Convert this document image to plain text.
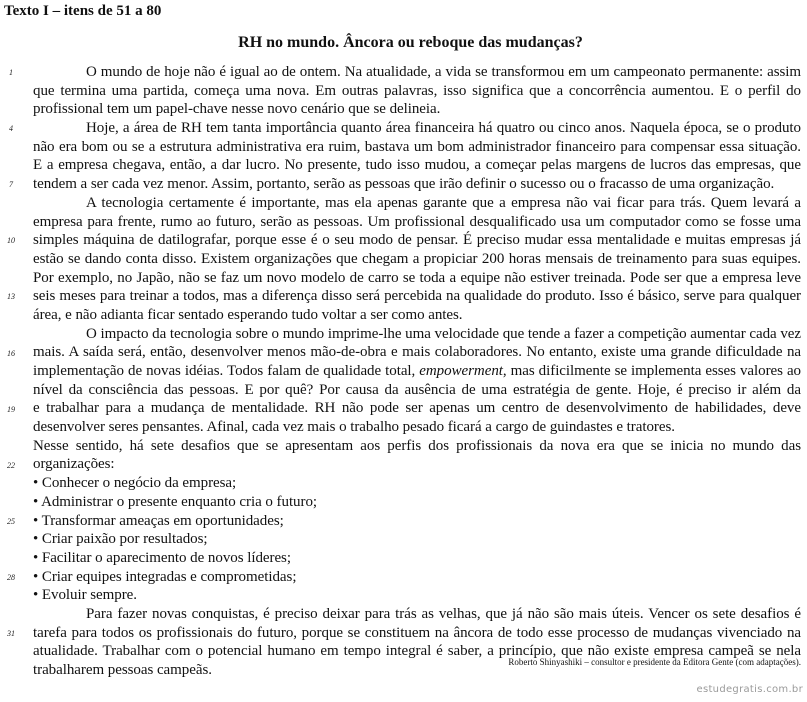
Texto I – itens de 51 a 80
RH no mundo. Âncora ou reboque das mudanças?
1
4
7
10
13
16
19
22
25
28
31
O mundo de hoje não é igual ao de ontem. Na atualidade, a vida se transformou em um campeonato permanente: assim
que termina uma partida, começa uma nova. Em outras palavras, isso significa que a concorrência aumentou. E o perfil do
profissional tem um papel-chave nesse novo cenário que se delineia.
Hoje, a área de RH tem tanta importância quanto área financeira há quatro ou cinco anos. Naquela época, se o produto
não era bom ou se a estrutura administrativa era ruim, bastava um bom administrador financeiro para compensar essa situação.
E a empresa chegava, então, a dar lucro. No presente, tudo isso mudou, a começar pelas margens de lucros das empresas, que
tendem a ser cada vez menor. Assim, portanto, serão as pessoas que irão definir o sucesso ou o fracasso de uma organização.
A tecnologia certamente é importante, mas ela apenas garante que a empresa não vai ficar para trás. Quem levará a
empresa para frente, rumo ao futuro, serão as pessoas. Um profissional desqualificado usa um computador como se fosse uma
simples máquina de datilografar, porque esse é o seu modo de pensar. É preciso mudar essa mentalidade e muitas empresas já
estão se dando conta disso. Existem organizações que chegam a propiciar 200 horas mensais de treinamento para suas equipes.
Por exemplo, no Japão, não se faz um novo modelo de carro se toda a equipe não estiver treinada. Pode ser que a empresa leve
seis meses para treinar a todos, mas a diferença disso será percebida na qualidade do produto. Isso é básico, serve para qualquer
área, e não adianta ficar sentado esperando tudo voltar a ser como antes.
O impacto da tecnologia sobre o mundo imprime-lhe uma velocidade que tende a fazer a competição aumentar cada vez
mais. A saída será, então, desenvolver menos mão-de-obra e mais colaboradores. No entanto, existe uma grande dificuldade na
implementação de novas idéias. Todos falam de qualidade total, empowerment, mas dificilmente se implementa esses valores ao
nível da consciência das pessoas. E por quê? Por causa da ausência de uma estratégia de gente. Hoje, é preciso ir além da
e trabalhar para a mudança de mentalidade. RH não pode ser apenas um centro de desenvolvimento de habilidades, deve
desenvolver seres pensantes. Afinal, cada vez mais o trabalho pesado ficará a cargo de guindastes e tratores.
Nesse sentido, há sete desafios que se apresentam aos perfis dos profissionais da nova era que se inicia no mundo das
organizações:
• Conhecer o negócio da empresa;
• Administrar o presente enquanto cria o futuro;
• Transformar ameaças em oportunidades;
• Criar paixão por resultados;
• Facilitar o aparecimento de novos líderes;
• Criar equipes integradas e comprometidas;
• Evoluir sempre.
Para fazer novas conquistas, é preciso deixar para trás as velhas, que já não são mais úteis. Vencer os sete desafios é
tarefa para todos os profissionais do futuro, porque se constituem na âncora de todo esse processo de mudanças vivenciado na
atualidade. Trabalhar com o potencial humano em tempo integral é saber, a princípio, que não existe empresa campeã se nela
trabalharem pessoas campeãs.	Roberto Shinyashiki – consultor e presidente da Editora Gente (com adaptações).
estudegratis.com.br
